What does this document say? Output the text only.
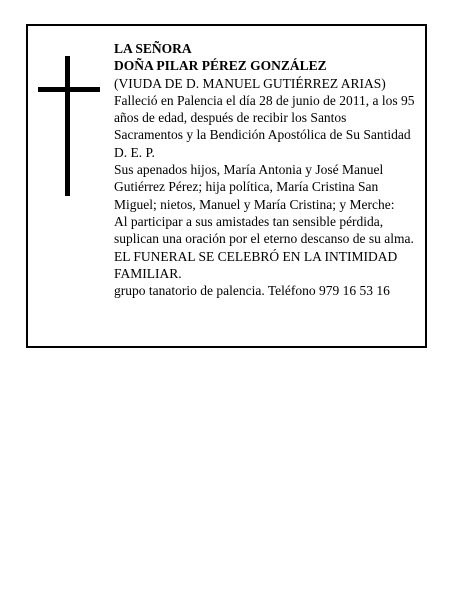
LA SEÑORA
DOÑA PILAR PÉREZ GONZÁLEZ
(VIUDA DE D. MANUEL GUTIÉRREZ ARIAS)
Falleció en Palencia el día 28 de junio de 2011, a los 95
años de edad, después de recibir los Santos
Sacramentos y la Bendición Apostólica de Su Santidad
D. E. P.
Sus apenados hijos, María Antonia y José Manuel
Gutiérrez Pérez; hija política, María Cristina San
Miguel; nietos, Manuel y María Cristina; y Merche:
Al participar a sus amistades tan sensible pérdida,
suplican una oración por el eterno descanso de su alma.
EL FUNERAL SE CELEBRÓ EN LA INTIMIDAD
FAMILIAR.
grupo tanatorio de palencia. Teléfono 979 16 53 16
